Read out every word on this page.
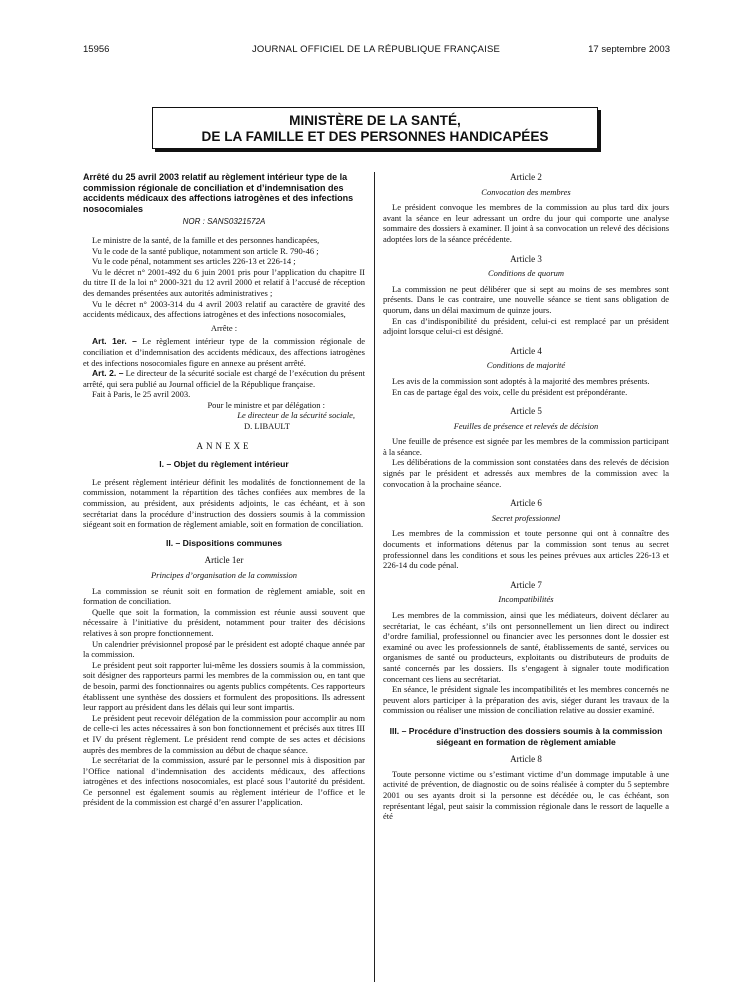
15956	JOURNAL OFFICIEL DE LA RÉPUBLIQUE FRANÇAISE	17 septembre 2003
MINISTÈRE DE LA SANTÉ,
DE LA FAMILLE ET DES PERSONNES HANDICAPÉES

Arrêté du 25 avril 2003 relatif au règlement intérieur type de la commission régionale de conciliation et d’indemnisation des accidents médicaux des affections iatrogènes et des infections nosocomiales

NOR : SANS0321572A

Le ministre de la santé, de la famille et des personnes handicapées,

Vu le code de la santé publique, notamment son article R. 790-46 ;

Vu le code pénal, notamment ses articles 226-13 et 226-14 ;

Vu le décret n° 2001-492 du 6 juin 2001 pris pour l’application du chapitre II du titre II de la loi n° 2000-321 du 12 avril 2000 et relatif à l’accusé de réception des demandes présentées aux autorités administratives ;

Vu le décret n° 2003-314 du 4 avril 2003 relatif au caractère de gravité des accidents médicaux, des affections iatrogènes et des infections nosocomiales,

Arrête :

Art. 1er. – Le règlement intérieur type de la commission régionale de conciliation et d’indemnisation des accidents médicaux, des affections iatrogènes et des infections nosocomiales figure en annexe au présent arrêté.

Art. 2. – Le directeur de la sécurité sociale est chargé de l’exécution du présent arrêté, qui sera publié au Journal officiel de la République française.

Fait à Paris, le 25 avril 2003.

Pour le ministre et par délégation :

Le directeur de la sécurité sociale,

D. LIBAULT

ANNEXE

I. – Objet du règlement intérieur

Le présent règlement intérieur définit les modalités de fonctionnement de la commission, notamment la répartition des tâches confiées aux membres de la commission, au président, aux présidents adjoints, le cas échéant, et à son secrétariat dans la procédure d’instruction des dossiers soumis à la commission siégeant soit en formation de règlement amiable, soit en formation de conciliation.

II. – Dispositions communes

Article 1er

Principes d’organisation de la commission

La commission se réunit soit en formation de règlement amiable, soit en formation de conciliation.

Quelle que soit la formation, la commission est réunie aussi souvent que nécessaire à l’initiative du président, notamment pour traiter des décisions relatives à son propre fonctionnement.

Un calendrier prévisionnel proposé par le président est adopté chaque année par la commission.

Le président peut soit rapporter lui-même les dossiers soumis à la commission, soit désigner des rapporteurs parmi les membres de la commission ou, en tant que de besoin, parmi des fonctionnaires ou agents publics compétents. Ces rapporteurs établissent une synthèse des dossiers et formulent des propositions. Ils adressent leur rapport au président dans les délais qui leur sont impartis.

Le président peut recevoir délégation de la commission pour accomplir au nom de celle-ci les actes nécessaires à son bon fonctionnement et précisés aux titres III et IV du présent règlement. Le président rend compte de ses actes et décisions auprès des membres de la commission au début de chaque séance.

Le secrétariat de la commission, assuré par le personnel mis à disposition par l’Office national d’indemnisation des accidents médicaux, des affections iatrogènes et des infections nosocomiales, est placé sous l’autorité du président. Ce personnel est également soumis au règlement intérieur de l’office et le président de la commission est chargé d’en assurer l’application.

Article 2

Convocation des membres

Le président convoque les membres de la commission au plus tard dix jours avant la séance en leur adressant un ordre du jour qui comporte une analyse sommaire des dossiers à examiner. Il joint à sa convocation un relevé des décisions adoptées lors de la séance précédente.

Article 3

Conditions de quorum

La commission ne peut délibérer que si sept au moins de ses membres sont présents. Dans le cas contraire, une nouvelle séance se tient sans obligation de quorum, dans un délai maximum de quinze jours.

En cas d’indisponibilité du président, celui-ci est remplacé par un président adjoint lorsque celui-ci est désigné.

Article 4

Conditions de majorité

Les avis de la commission sont adoptés à la majorité des membres présents.

En cas de partage égal des voix, celle du président est prépondérante.

Article 5

Feuilles de présence et relevés de décision

Une feuille de présence est signée par les membres de la commission participant à la séance.

Les délibérations de la commission sont constatées dans des relevés de décision signés par le président et adressés aux membres de la commission avec la convocation à la prochaine séance.

Article 6

Secret professionnel

Les membres de la commission et toute personne qui ont à connaître des documents et informations détenus par la commission sont tenus au secret professionnel dans les conditions et sous les peines prévues aux articles 226-13 et 226-14 du code pénal.

Article 7

Incompatibilités

Les membres de la commission, ainsi que les médiateurs, doivent déclarer au secrétariat, le cas échéant, s’ils ont personnellement un lien direct ou indirect d’ordre familial, professionnel ou financier avec les personnes dont le dossier est examiné ou avec les professionnels de santé, établissements de santé, services ou organismes de santé ou producteurs, exploitants ou distributeurs de produits de santé concernés par les dossiers. Ils s’engagent à signaler toute modification concernant ces liens au secrétariat.

En séance, le président signale les incompatibilités et les membres concernés ne peuvent alors participer à la préparation des avis, siéger durant les travaux de la commission ou réaliser une mission de conciliation relative au dossier examiné.

III. – Procédure d’instruction des dossiers soumis à la commission siégeant en formation de règlement amiable

Article 8

Toute personne victime ou s’estimant victime d’un dommage imputable à une activité de prévention, de diagnostic ou de soins réalisée à compter du 5 septembre 2001 ou ses ayants droit si la personne est décédée ou, le cas échéant, son représentant légal, peut saisir la commission régionale dans le ressort de laquelle a été
